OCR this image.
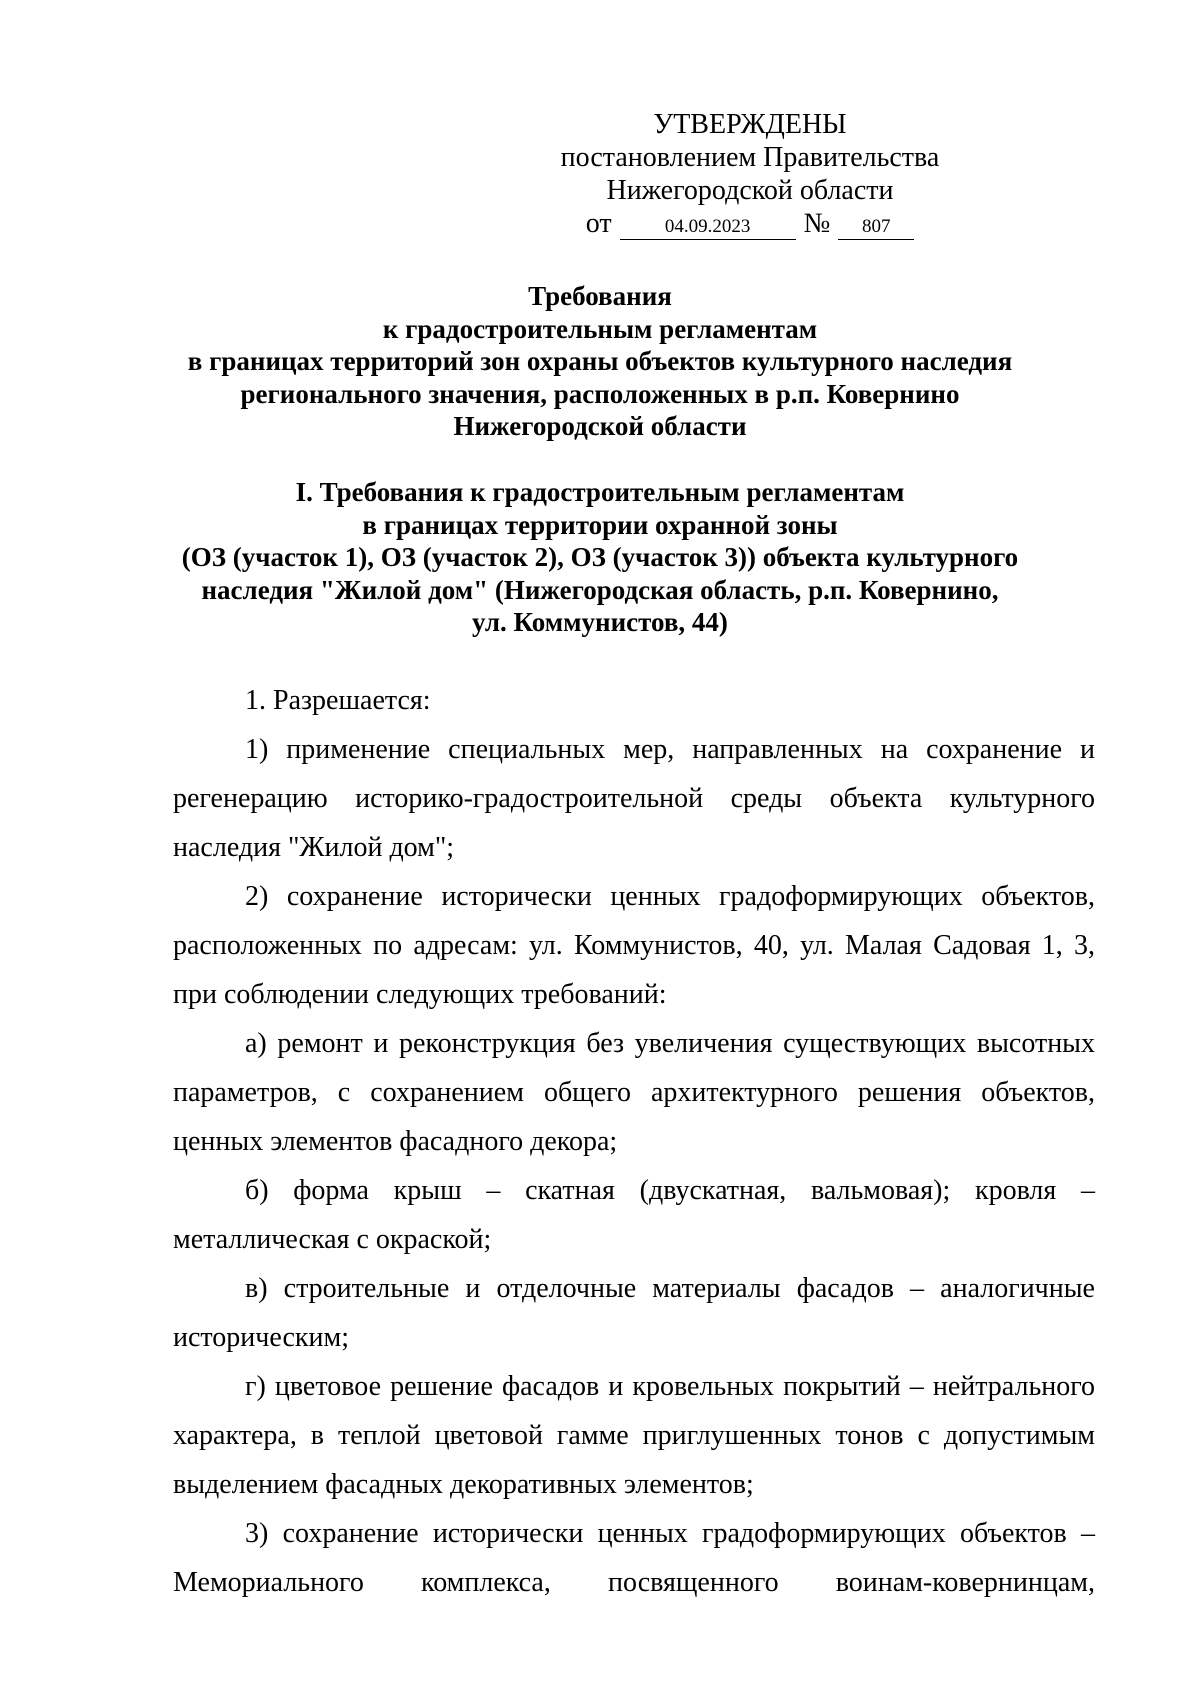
УТВЕРЖДЕНЫ
постановлением Правительства
Нижегородской области
от	04.09.2023	№	807
Требования
к градостроительным регламентам
в границах территорий зон охраны объектов культурного наследия
регионального значения, расположенных в р.п. Ковернино
Нижегородской области
I. Требования к градостроительным регламентам
в границах территории охранной зоны
(ОЗ (участок 1), ОЗ (участок 2), ОЗ (участок 3)) объекта культурного
наследия "Жилой дом" (Нижегородская область, р.п. Ковернино,
ул. Коммунистов, 44)

1. Разрешается:

1) применение специальных мер, направленных на сохранение и регенерацию историко-градостроительной среды объекта культурного наследия "Жилой дом";

2) сохранение исторически ценных градоформирующих объектов, расположенных по адресам: ул. Коммунистов, 40, ул. Малая Садовая 1, 3, при соблюдении следующих требований:

а) ремонт и реконструкция без увеличения существующих высотных параметров, с сохранением общего архитектурного решения объектов, ценных элементов фасадного декора;

б) форма крыш – скатная (двускатная, вальмовая); кровля – металлическая с окраской;

в) строительные и отделочные материалы фасадов – аналогичные историческим;

г) цветовое решение фасадов и кровельных покрытий – нейтрального характера, в теплой цветовой гамме приглушенных тонов с допустимым выделением фасадных декоративных элементов;

3) сохранение исторически ценных градоформирующих объектов – Мемориального комплекса, посвященного воинам-ковернинцам,
